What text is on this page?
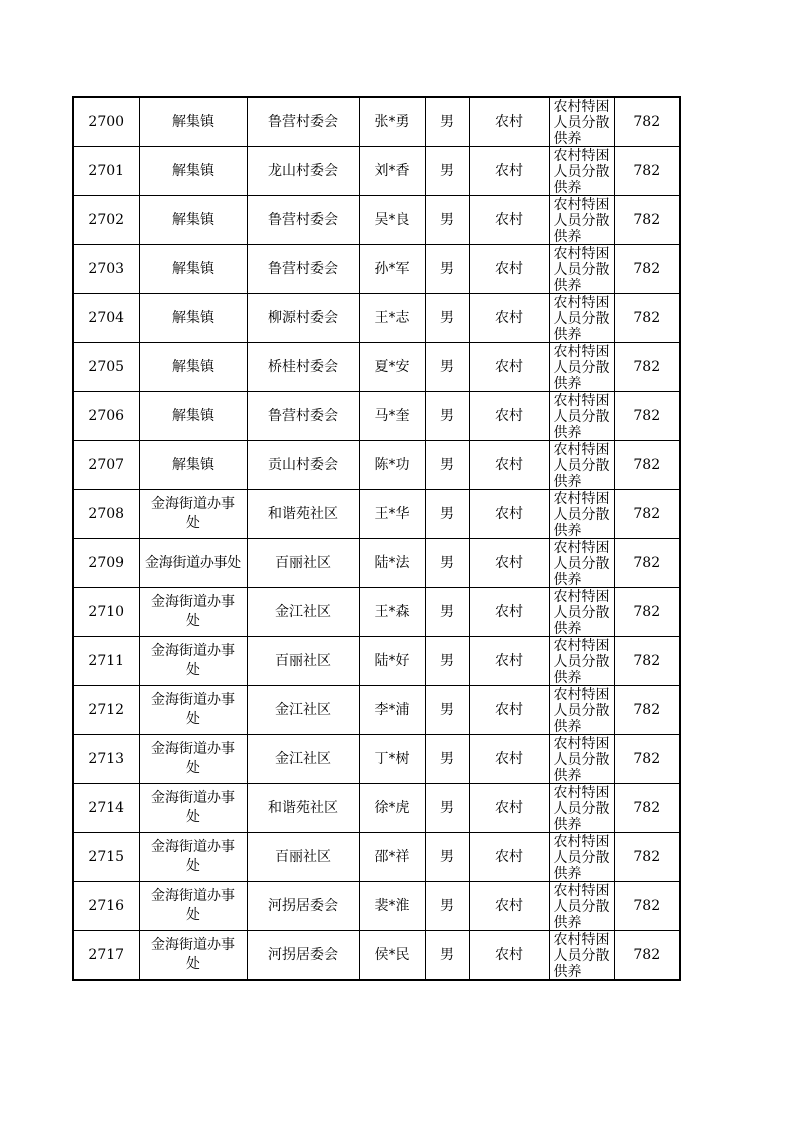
2700	解集镇	鲁营村委会	张*勇	男	农村	农村特困人员分散供养	782
2701	解集镇	龙山村委会	刘*香	男	农村	农村特困人员分散供养	782
2702	解集镇	鲁营村委会	吴*良	男	农村	农村特困人员分散供养	782
2703	解集镇	鲁营村委会	孙*军	男	农村	农村特困人员分散供养	782
2704	解集镇	柳源村委会	王*志	男	农村	农村特困人员分散供养	782
2705	解集镇	桥桂村委会	夏*安	男	农村	农村特困人员分散供养	782
2706	解集镇	鲁营村委会	马*奎	男	农村	农村特困人员分散供养	782
2707	解集镇	贡山村委会	陈*功	男	农村	农村特困人员分散供养	782
2708	金海街道办事处	和谐苑社区	王*华	男	农村	农村特困人员分散供养	782
2709	金海街道办事处	百丽社区	陆*法	男	农村	农村特困人员分散供养	782
2710	金海街道办事处	金江社区	王*森	男	农村	农村特困人员分散供养	782
2711	金海街道办事处	百丽社区	陆*好	男	农村	农村特困人员分散供养	782
2712	金海街道办事处	金江社区	李*浦	男	农村	农村特困人员分散供养	782
2713	金海街道办事处	金江社区	丁*树	男	农村	农村特困人员分散供养	782
2714	金海街道办事处	和谐苑社区	徐*虎	男	农村	农村特困人员分散供养	782
2715	金海街道办事处	百丽社区	邵*祥	男	农村	农村特困人员分散供养	782
2716	金海街道办事处	河拐居委会	裴*淮	男	农村	农村特困人员分散供养	782
2717	金海街道办事处	河拐居委会	侯*民	男	农村	农村特困人员分散供养	782
